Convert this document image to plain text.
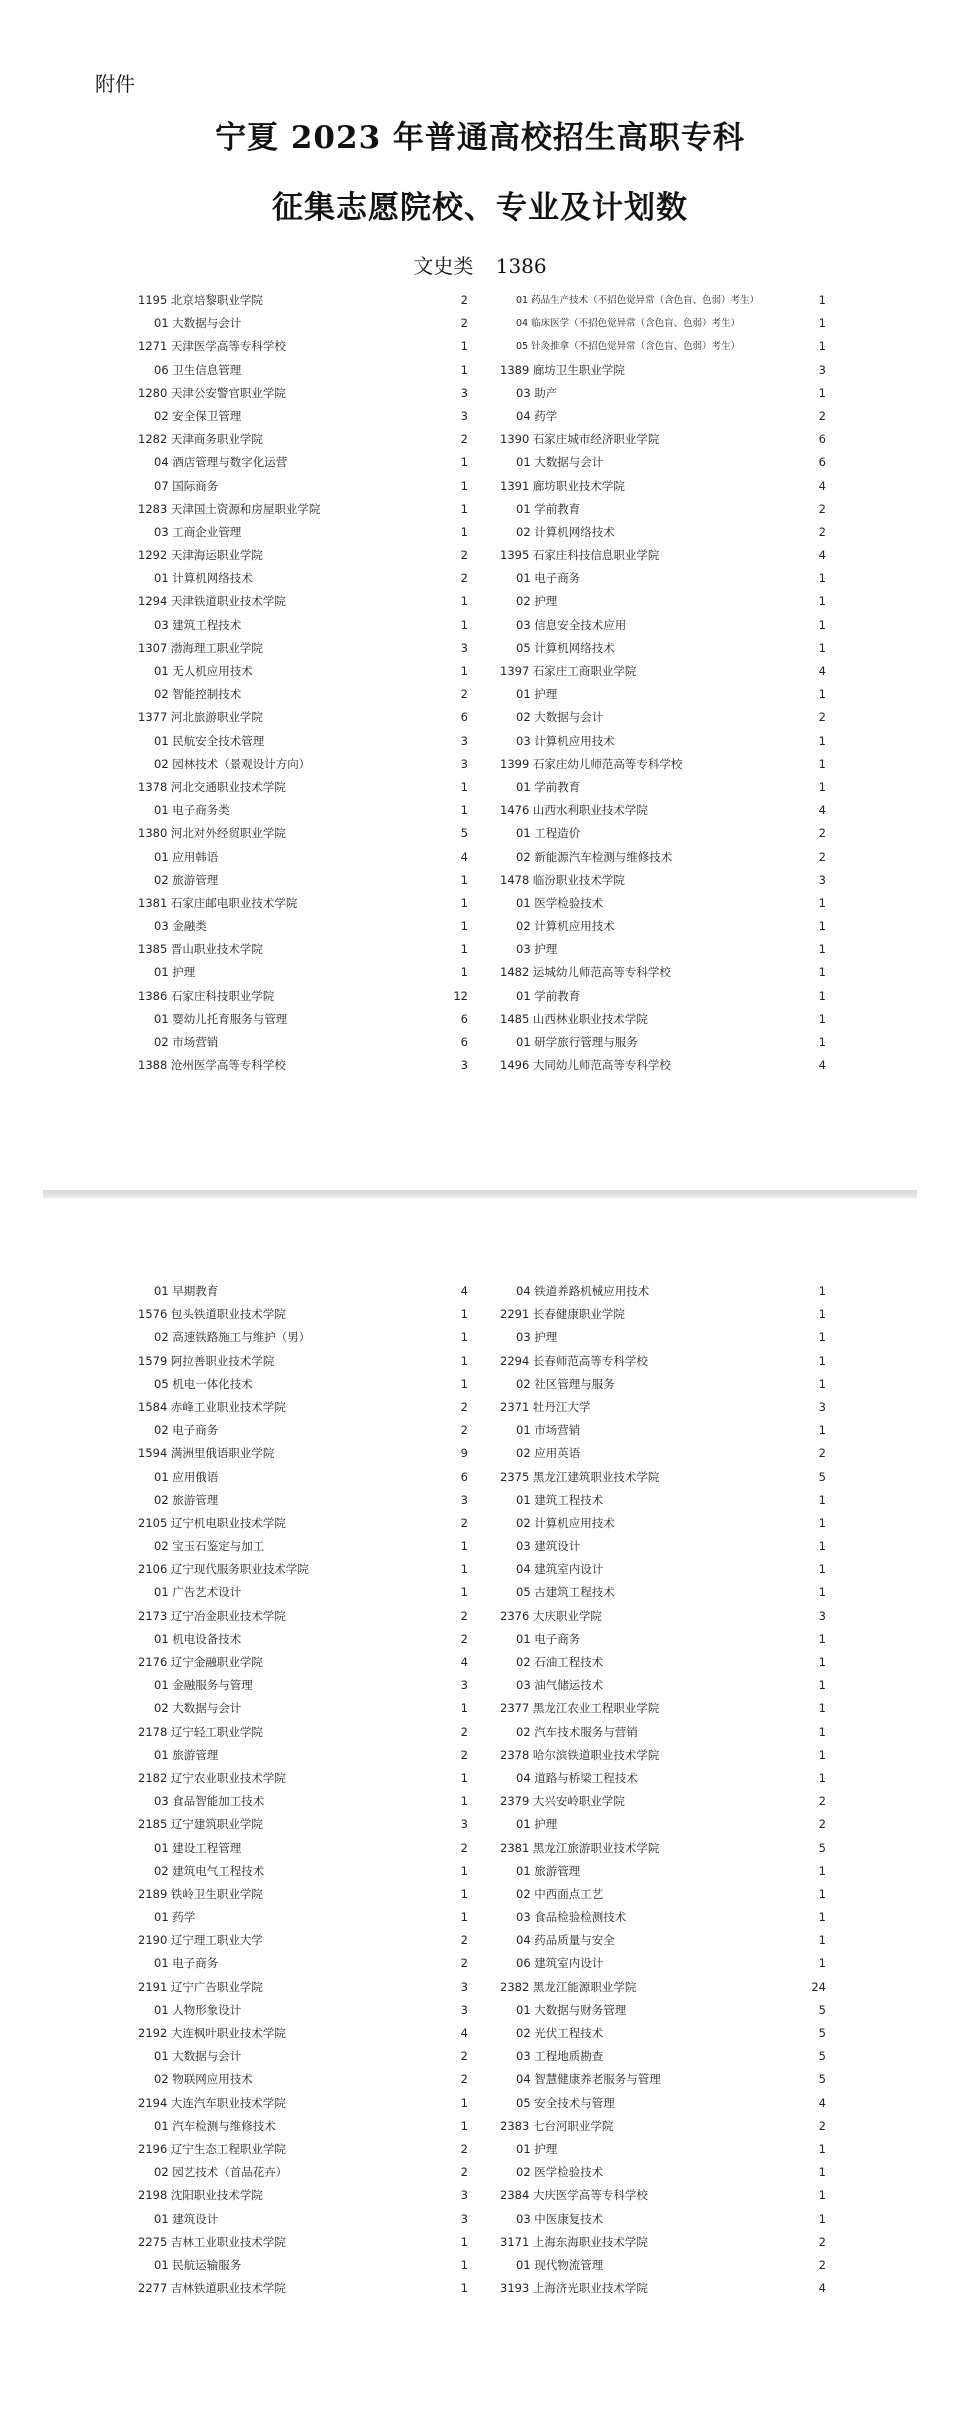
附件
宁夏 2023 年普通高校招生高职专科
征集志愿院校、专业及计划数
文史类 1386
1195 北京培黎职业学院	2
01 大数据与会计	2
1271 天津医学高等专科学校	1
06 卫生信息管理	1
1280 天津公安警官职业学院	3
02 安全保卫管理	3
1282 天津商务职业学院	2
04 酒店管理与数字化运营	1
07 国际商务	1
1283 天津国土资源和房屋职业学院	1
03 工商企业管理	1
1292 天津海运职业学院	2
01 计算机网络技术	2
1294 天津铁道职业技术学院	1
03 建筑工程技术	1
1307 渤海理工职业学院	3
01 无人机应用技术	1
02 智能控制技术	2
1377 河北旅游职业学院	6
01 民航安全技术管理	3
02 园林技术（景观设计方向）	3
1378 河北交通职业技术学院	1
01 电子商务类	1
1380 河北对外经贸职业学院	5
01 应用韩语	4
02 旅游管理	1
1381 石家庄邮电职业技术学院	1
03 金融类	1
1385 晋山职业技术学院	1
01 护理	1
1386 石家庄科技职业学院	12
01 婴幼儿托育服务与管理	6
02 市场营销	6
1388 沧州医学高等专科学校	3
01 药品生产技术（不招色觉异常（含色盲、色弱）考生）	1
04 临床医学（不招色觉异常（含色盲、色弱）考生）	1
05 针灸推拿（不招色觉异常（含色盲、色弱）考生）	1
1389 廊坊卫生职业学院	3
03 助产	1
04 药学	2
1390 石家庄城市经济职业学院	6
01 大数据与会计	6
1391 廊坊职业技术学院	4
01 学前教育	2
02 计算机网络技术	2
1395 石家庄科技信息职业学院	4
01 电子商务	1
02 护理	1
03 信息安全技术应用	1
05 计算机网络技术	1
1397 石家庄工商职业学院	4
01 护理	1
02 大数据与会计	2
03 计算机应用技术	1
1399 石家庄幼儿师范高等专科学校	1
01 学前教育	1
1476 山西水利职业技术学院	4
01 工程造价	2
02 新能源汽车检测与维修技术	2
1478 临汾职业技术学院	3
01 医学检验技术	1
02 计算机应用技术	1
03 护理	1
1482 运城幼儿师范高等专科学校	1
01 学前教育	1
1485 山西林业职业技术学院	1
01 研学旅行管理与服务	1
1496 大同幼儿师范高等专科学校	4
01 早期教育	4
1576 包头铁道职业技术学院	1
02 高速铁路施工与维护（男）	1
1579 阿拉善职业技术学院	1
05 机电一体化技术	1
1584 赤峰工业职业技术学院	2
02 电子商务	2
1594 满洲里俄语职业学院	9
01 应用俄语	6
02 旅游管理	3
2105 辽宁机电职业技术学院	2
02 宝玉石鉴定与加工	1
2106 辽宁现代服务职业技术学院	1
01 广告艺术设计	1
2173 辽宁冶金职业技术学院	2
01 机电设备技术	2
2176 辽宁金融职业学院	4
01 金融服务与管理	3
02 大数据与会计	1
2178 辽宁轻工职业学院	2
01 旅游管理	2
2182 辽宁农业职业技术学院	1
03 食品智能加工技术	1
2185 辽宁建筑职业学院	3
01 建设工程管理	2
02 建筑电气工程技术	1
2189 铁岭卫生职业学院	1
01 药学	1
2190 辽宁理工职业大学	2
01 电子商务	2
2191 辽宁广告职业学院	3
01 人物形象设计	3
2192 大连枫叶职业技术学院	4
01 大数据与会计	2
02 物联网应用技术	2
2194 大连汽车职业技术学院	1
01 汽车检测与维修技术	1
2196 辽宁生态工程职业学院	2
02 园艺技术（首品花卉）	2
2198 沈阳职业技术学院	3
01 建筑设计	3
2275 吉林工业职业技术学院	1
01 民航运输服务	1
2277 吉林铁道职业技术学院	1
04 铁道养路机械应用技术	1
2291 长春健康职业学院	1
03 护理	1
2294 长春师范高等专科学校	1
02 社区管理与服务	1
2371 牡丹江大学	3
01 市场营销	1
02 应用英语	2
2375 黑龙江建筑职业技术学院	5
01 建筑工程技术	1
02 计算机应用技术	1
03 建筑设计	1
04 建筑室内设计	1
05 古建筑工程技术	1
2376 大庆职业学院	3
01 电子商务	1
02 石油工程技术	1
03 油气储运技术	1
2377 黑龙江农业工程职业学院	1
02 汽车技术服务与营销	1
2378 哈尔滨铁道职业技术学院	1
04 道路与桥梁工程技术	1
2379 大兴安岭职业学院	2
01 护理	2
2381 黑龙江旅游职业技术学院	5
01 旅游管理	1
02 中西面点工艺	1
03 食品检验检测技术	1
04 药品质量与安全	1
06 建筑室内设计	1
2382 黑龙江能源职业学院	24
01 大数据与财务管理	5
02 光伏工程技术	5
03 工程地质勘查	5
04 智慧健康养老服务与管理	5
05 安全技术与管理	4
2383 七台河职业学院	2
01 护理	1
02 医学检验技术	1
2384 大庆医学高等专科学校	1
03 中医康复技术	1
3171 上海东海职业技术学院	2
01 现代物流管理	2
3193 上海济光职业技术学院	4
